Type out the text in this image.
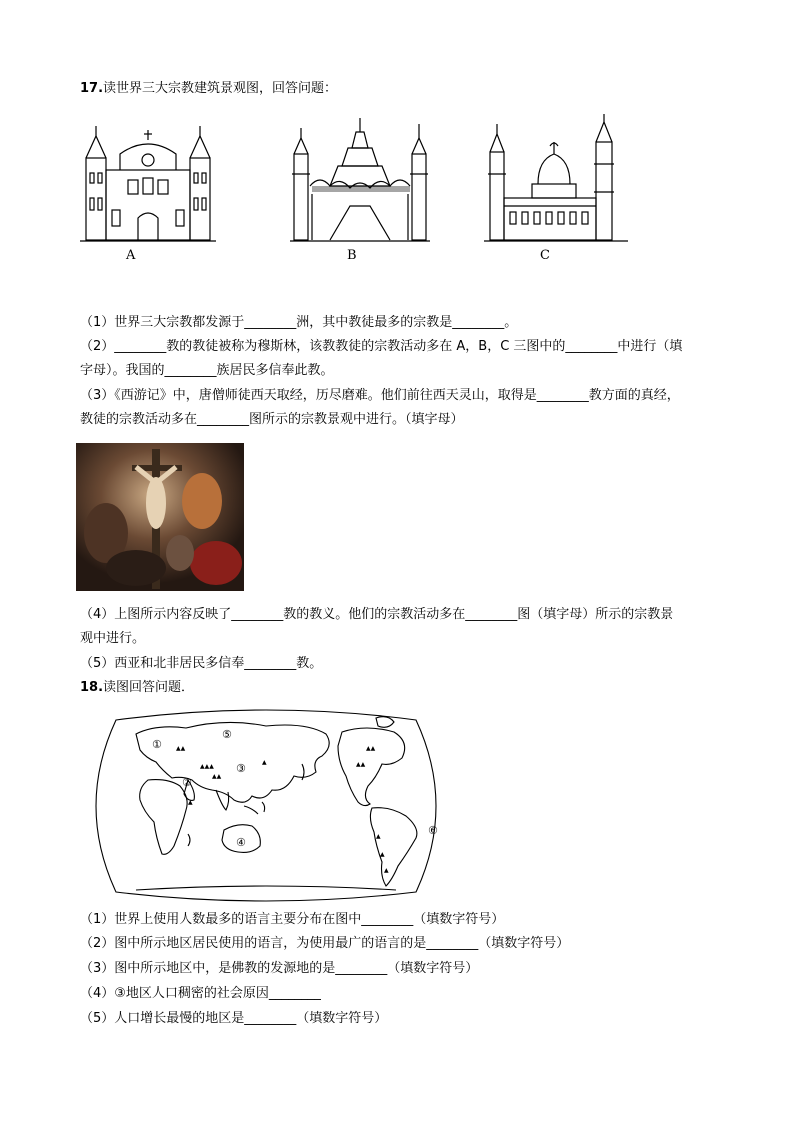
17.读世界三大宗教建筑景观图，回答问题：
A	B	C
（1）世界三大宗教都发源于________洲，其中教徒最多的宗教是________。
（2）________教的教徒被称为穆斯林，该教教徒的宗教活动多在 A，B，C 三图中的________中进行（填
字母）。我国的________族居民多信奉此教。
（3）《西游记》中，唐僧师徒西天取经，历尽磨难。他们前往西天灵山，取得是________教方面的真经，
教徒的宗教活动多在________图所示的宗教景观中进行。（填字母）
（4）上图所示内容反映了________教的教义。他们的宗教活动多在________图（填字母）所示的宗教景
观中进行。
（5）西亚和北非居民多信奉________教。
18.读图回答问题．
①
②
③
④
⑤
⑥
▲▲
▲▲▲
▲▲
▲
▲
▲▲
▲▲
▲
▲
▲
（1）世界上使用人数最多的语言主要分布在图中________（填数字符号）
（2）图中所示地区居民使用的语言，为使用最广的语言的是________（填数字符号）
（3）图中所示地区中，是佛教的发源地的是________（填数字符号）
（4）③地区人口稠密的社会原因________
（5）人口增长最慢的地区是________（填数字符号）
